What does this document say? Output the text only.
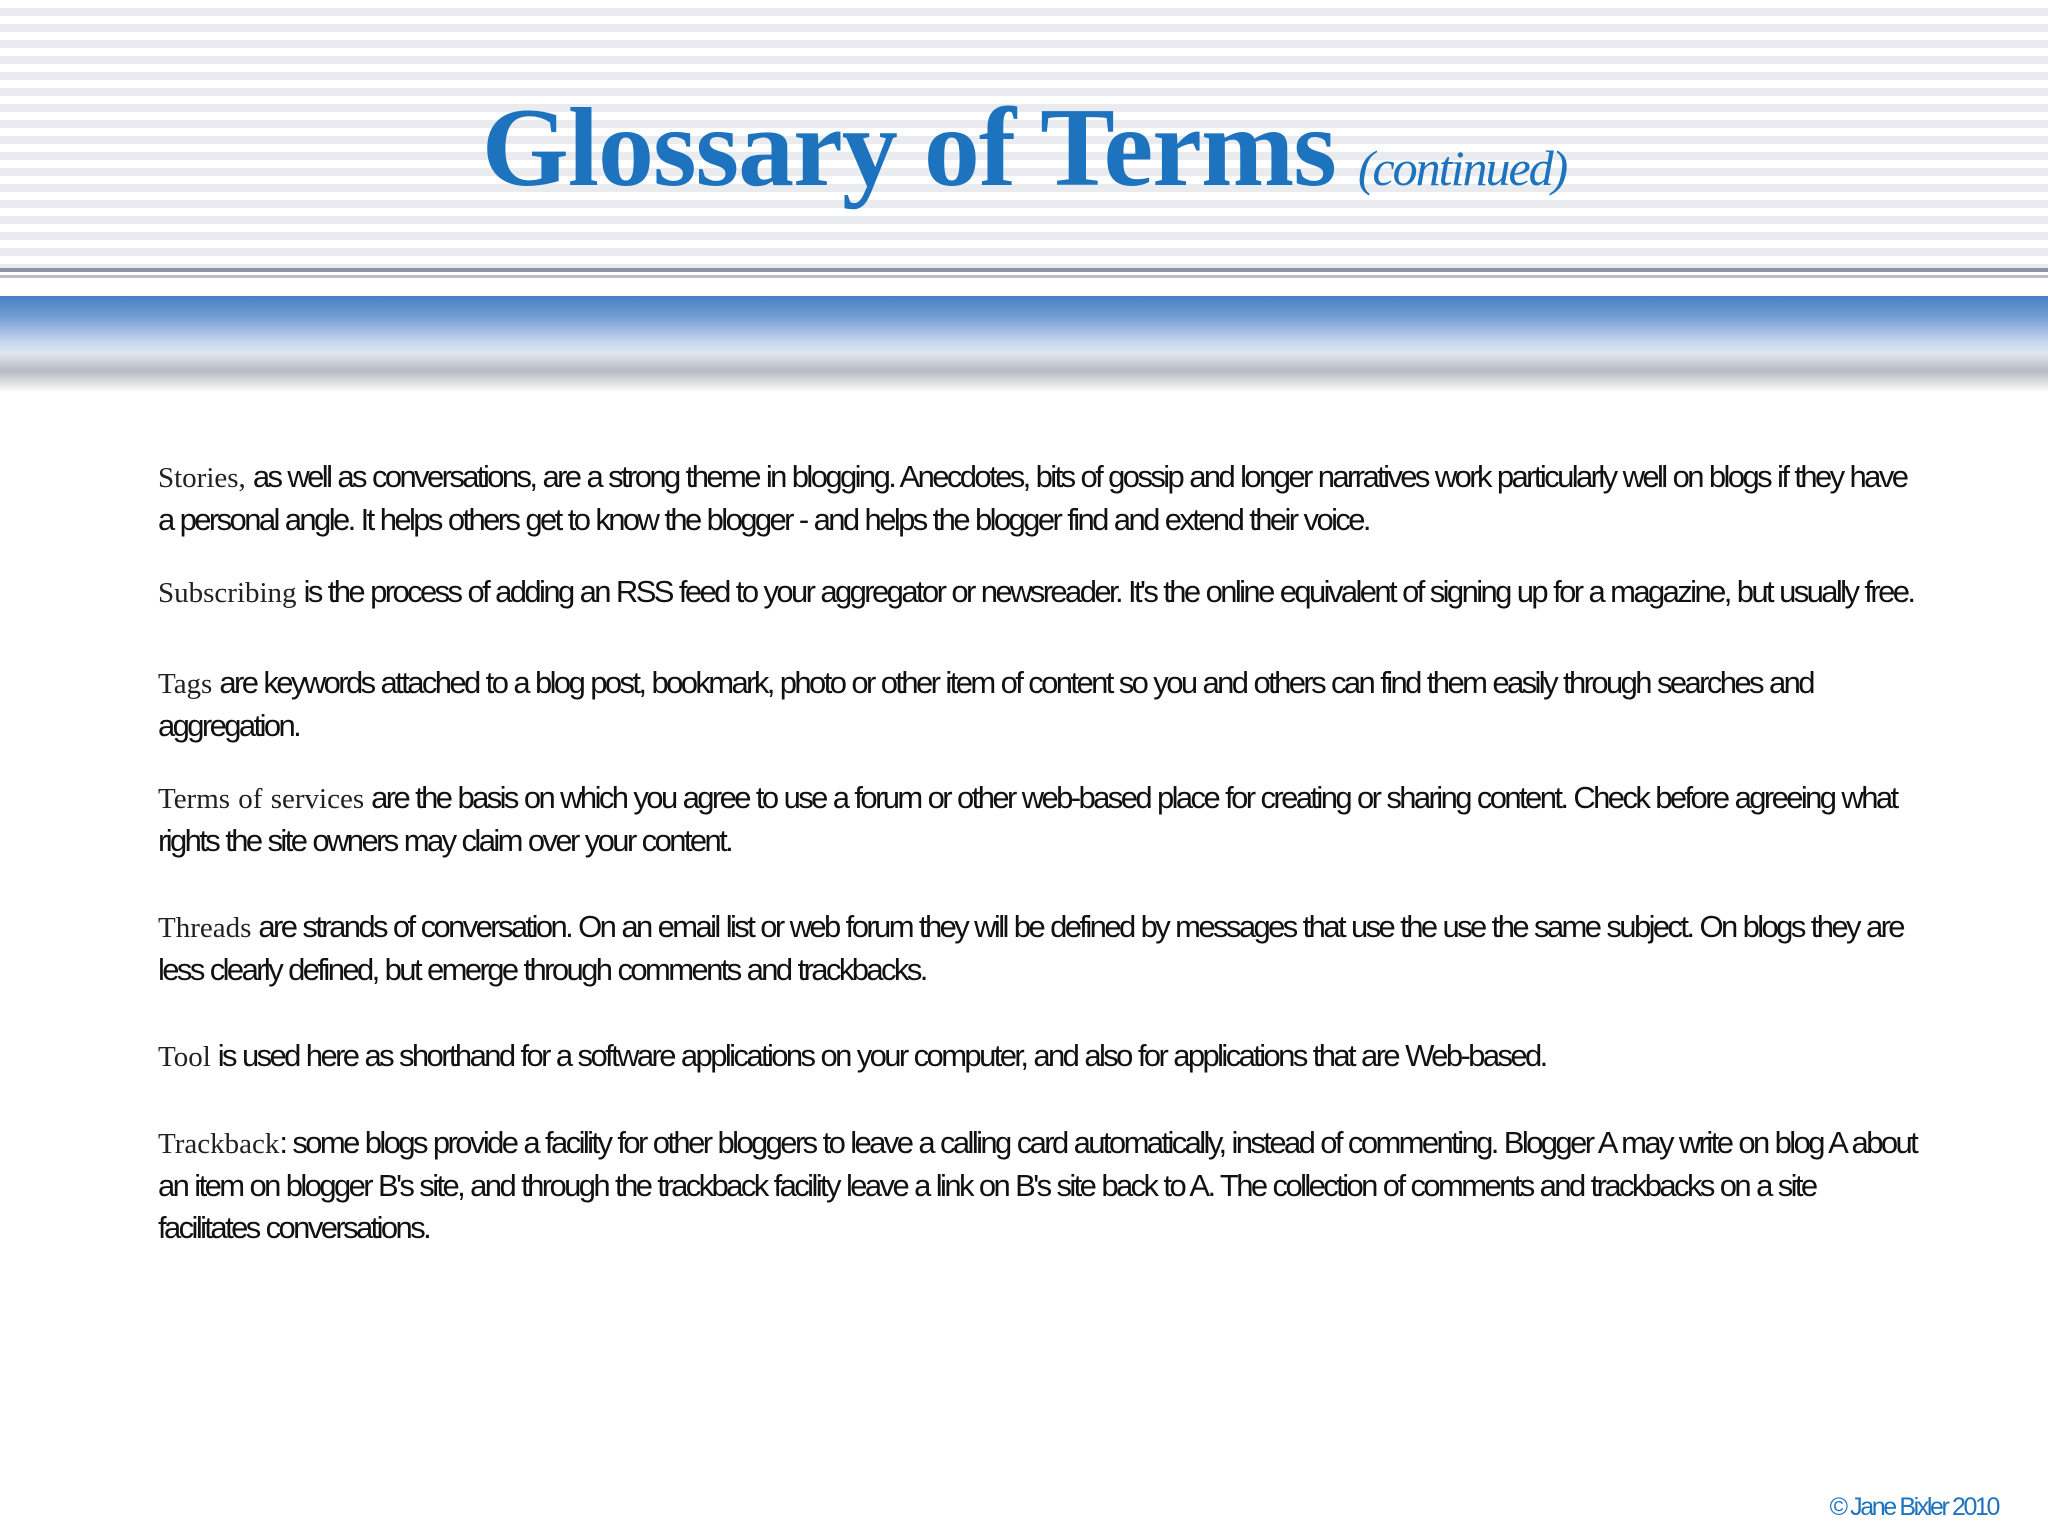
Glossary of Terms (continued)

Stories, as well as conversations, are a strong theme in blogging. Anecdotes, bits of gossip and longer narratives work particularly well on blogs if they have a personal angle. It helps others get to know the blogger - and helps the blogger find and extend their voice.

Subscribing is the process of adding an RSS feed to your aggregator or newsreader. It's the online equivalent of signing up for a magazine, but usually free.

Tags are keywords attached to a blog post, bookmark, photo or other item of content so you and others can find them easily through searches and aggregation.

Terms of services are the basis on which you agree to use a forum or other web-based place for creating or sharing content. Check before agreeing what rights the site owners may claim over your content.

Threads are strands of conversation. On an email list or web forum they will be defined by messages that use the use the same subject. On blogs they are less clearly defined, but emerge through comments and trackbacks.

Tool is used here as shorthand for a software applications on your computer, and also for applications that are Web-based.

Trackback: some blogs provide a facility for other bloggers to leave a calling card automatically, instead of commenting. Blogger A may write on blog A about an item on blogger B's site, and through the trackback facility leave a link on B's site back to A. The collection of comments and trackbacks on a site facilitates conversations.

© Jane Bixler 2010
